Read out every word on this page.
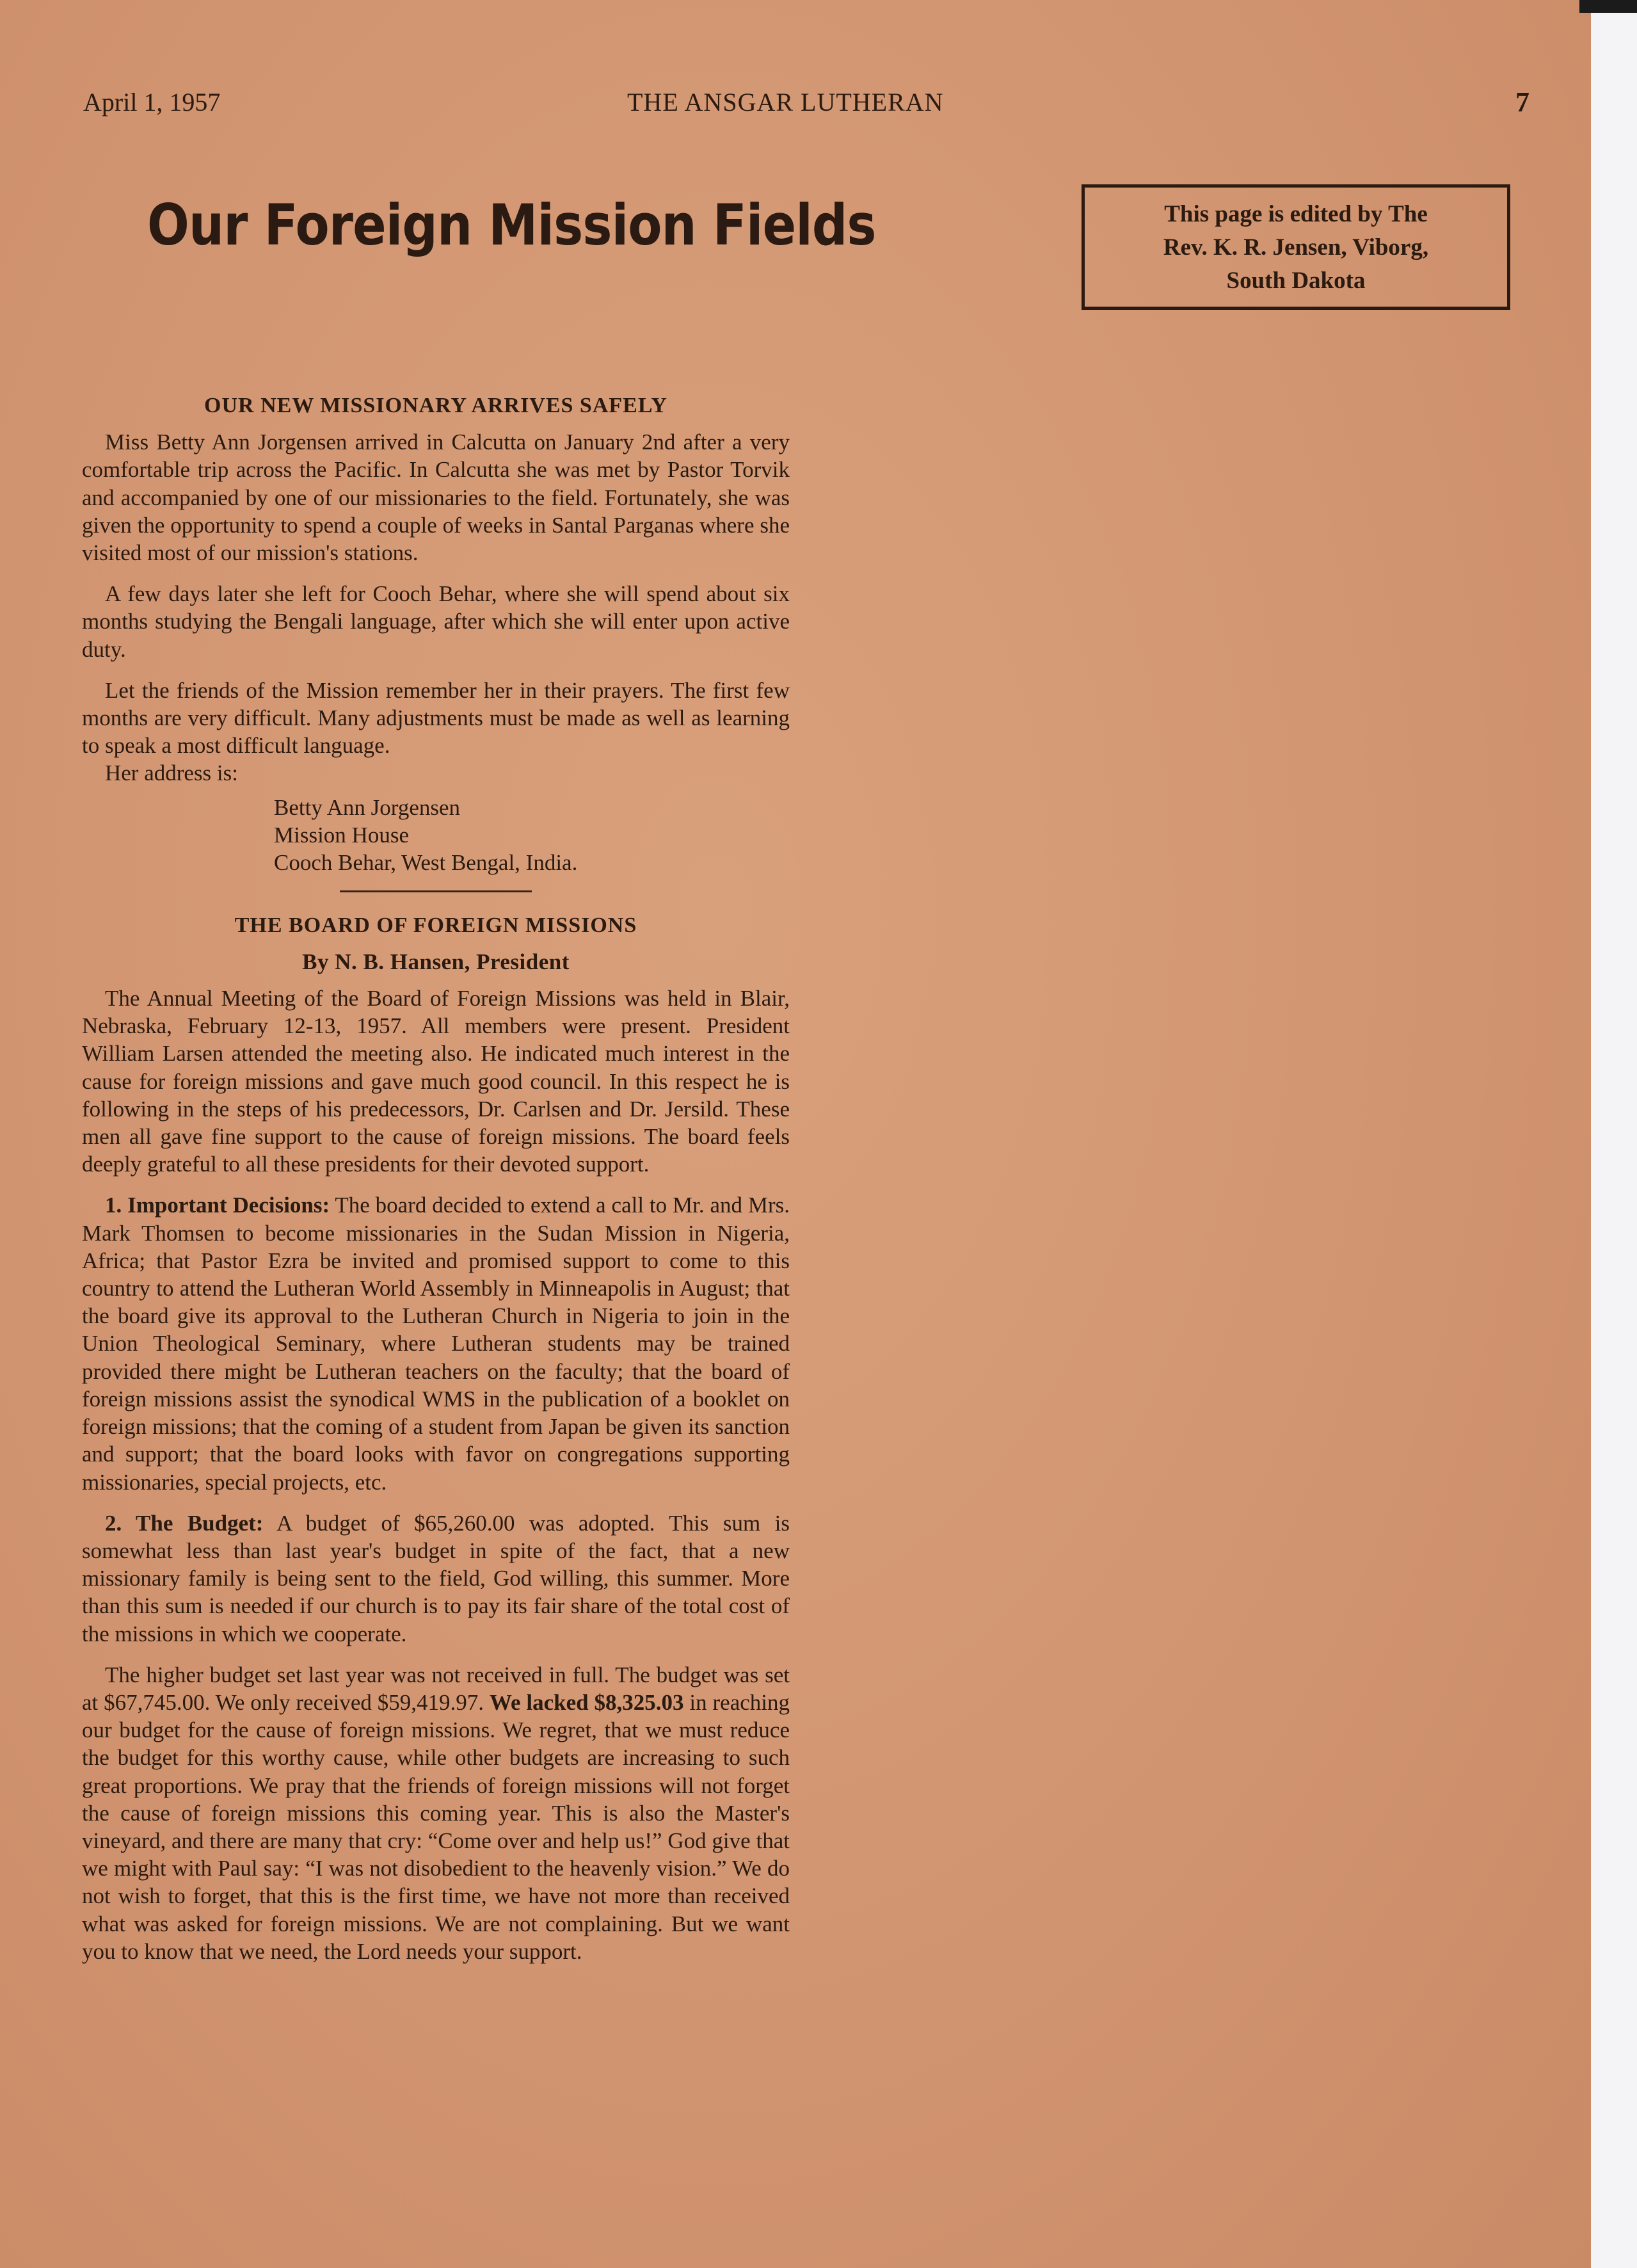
April 1, 1957	THE ANSGAR LUTHERAN	7
Our Foreign Mission Fields	This page is edited by The
Rev. K. R. Jensen, Viborg,
South Dakota
OUR NEW MISSIONARY ARRIVES SAFELY

Miss Betty Ann Jorgensen arrived in Calcutta on January 2nd after a very comfortable trip across the Pacific. In Calcutta she was met by Pastor Torvik and accompanied by one of our missionaries to the field. Fortunately, she was given the opportunity to spend a couple of weeks in Santal Parganas where she visited most of our mission's stations.

A few days later she left for Cooch Behar, where she will spend about six months studying the Bengali language, after which she will enter upon active duty.

Let the friends of the Mission remember her in their prayers. The first few months are very difficult. Many adjustments must be made as well as learning to speak a most difficult language.

Her address is:

Betty Ann Jorgensen
Mission House
Cooch Behar, West Bengal, India.
THE BOARD OF FOREIGN MISSIONS
By N. B. Hansen, President

The Annual Meeting of the Board of Foreign Missions was held in Blair, Nebraska, February 12-13, 1957. All members were present. President William Larsen attended the meeting also. He indicated much interest in the cause for foreign missions and gave much good council. In this respect he is following in the steps of his predecessors, Dr. Carlsen and Dr. Jersild. These men all gave fine support to the cause of foreign missions. The board feels deeply grateful to all these presidents for their devoted support.

1. Important Decisions: The board decided to extend a call to Mr. and Mrs. Mark Thomsen to become missionaries in the Sudan Mission in Nigeria, Africa; that Pastor Ezra be invited and promised support to come to this country to attend the Lutheran World Assembly in Minneapolis in August; that the board give its approval to the Lutheran Church in Nigeria to join in the Union Theological Seminary, where Lutheran students may be trained provided there might be Lutheran teachers on the faculty; that the board of foreign missions assist the synodical WMS in the publication of a booklet on foreign missions; that the coming of a student from Japan be given its sanction and support; that the board looks with favor on congregations supporting missionaries, special projects, etc.

2. The Budget: A budget of $65,260.00 was adopted. This sum is somewhat less than last year's budget in spite of the fact, that a new missionary family is being sent to the field, God willing, this summer. More than this sum is needed if our church is to pay its fair share of the total cost of the missions in which we cooperate.

The higher budget set last year was not received in full. The budget was set at $67,745.00. We only received $59,419.97. We lacked $8,325.03 in reaching our budget for the cause of foreign missions. We regret, that we must reduce the budget for this worthy cause, while other budgets are increasing to such great proportions. We pray that the friends of foreign missions will not forget the cause of foreign missions this coming year. This is also the Master's vineyard, and there are many that cry: “Come over and help us!” God give that we might with Paul say: “I was not disobedient to the heavenly vision.” We do not wish to forget, that this is the first time, we have not more than received what was asked for foreign missions. We are not complaining. But we want you to know that we need, the Lord needs your support.
